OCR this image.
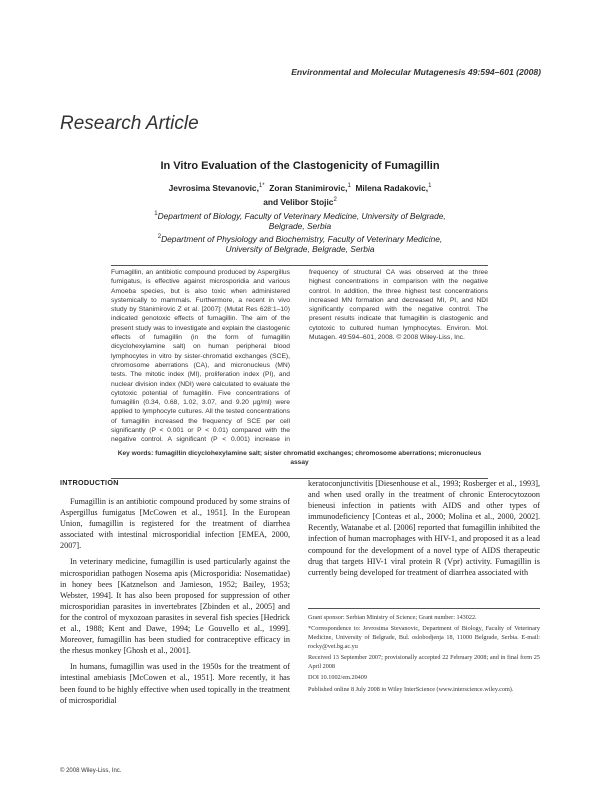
Environmental and Molecular Mutagenesis 49:594–601 (2008)
Research Article
In Vitro Evaluation of the Clastogenicity of Fumagillin
Jevrosima Stevanovic,$^{1*}$ Zoran Stanimirovic,$^1$ Milena Radakovic,$^1$
and Velibor Stojic$^2$
$^1$Department of Biology, Faculty of Veterinary Medicine, University of Belgrade,
Belgrade, Serbia
$^2$Department of Physiology and Biochemistry, Faculty of Veterinary Medicine,
University of Belgrade, Belgrade, Serbia
Fumagillin, an antibiotic compound produced by Aspergillus fumigatus, is effective against microsporidia and various Amoeba species, but is also toxic when administered systemically to mammals. Furthermore, a recent in vivo study by Stanimirovic Z et al. [2007]: (Mutat Res 628:1–10) indicated genotoxic effects of fumagillin. The aim of the present study was to investigate and explain the clastogenic effects of fumagillin (in the form of fumagillin dicyclohexylamine salt) on human peripheral blood lymphocytes in vitro by sister-chromatid exchanges (SCE), chromosome aberrations (CA), and micronucleus (MN) tests. The mitotic index (MI), proliferation index (PI), and nuclear division index (NDI) were calculated to evaluate the cytotoxic potential of fumagillin. Five concentrations of fumagillin (0.34, 0.68, 1.02, 3.07, and 9.20 μg/ml) were applied to lymphocyte cultures. All the tested concentrations of fumagillin increased the frequency of SCE per cell significantly (P < 0.001 or P < 0.01) compared with the negative control. A significant (P < 0.001) increase in frequency of structural CA was observed at the three highest concentrations in comparison with the negative control. In addition, the three highest test concentrations increased MN formation and decreased MI, PI, and NDI significantly compared with the negative control. The present results indicate that fumagillin is clastogenic and cytotoxic to cultured human lymphocytes. Environ. Mol. Mutagen. 49:594–601, 2008. © 2008 Wiley-Liss, Inc.
Key words: fumagillin dicyclohexylamine salt; sister chromatid exchanges; chromosome aberrations; micronucleus assay
INTRODUCTION

Fumagillin is an antibiotic compound produced by some strains of Aspergillus fumigatus [McCowen et al., 1951]. In the European Union, fumagillin is registered for the treatment of diarrhea associated with intestinal microsporidial infection [EMEA, 2000, 2007].

In veterinary medicine, fumagillin is used particularly against the microsporidian pathogen Nosema apis (Microsporidia: Nosematidae) in honey bees [Katznelson and Jamieson, 1952; Bailey, 1953; Webster, 1994]. It has also been proposed for suppression of other microsporidian parasites in invertebrates [Zbinden et al., 2005] and for the control of myxozoan parasites in several fish species [Hedrick et al., 1988; Kent and Dawe, 1994; Le Gouvello et al., 1999]. Moreover, fumagillin has been studied for contraceptive efficacy in the rhesus monkey [Ghosh et al., 2001].

In humans, fumagillin was used in the 1950s for the treatment of intestinal amebiasis [McCowen et al., 1951]. More recently, it has been found to be highly effective when used topically in the treatment of microsporidial

keratoconjunctivitis [Diesenhouse et al., 1993; Rosberger et al., 1993], and when used orally in the treatment of chronic Enterocytozoon bieneusi infection in patients with AIDS and other types of immunodeficiency [Conteas et al., 2000; Molina et al., 2000, 2002]. Recently, Watanabe et al. [2006] reported that fumagillin inhibited the infection of human macrophages with HIV-1, and proposed it as a lead compound for the development of a novel type of AIDS therapeutic drug that targets HIV-1 viral protein R (Vpr) activity. Fumagillin is currently being developed for treatment of diarrhea associated with

Grant sponsor: Serbian Ministry of Science; Grant number: 143022.

*Correspondence to: Jevrosima Stevanovic, Department of Biology, Faculty of Veterinary Medicine, University of Belgrade, Bul. oslobodjenja 18, 11000 Belgrade, Serbia. E-mail: rocky@vet.bg.ac.yu

Received 13 September 2007; provisionally accepted 22 February 2008; and in final form 25 April 2008

DOI 10.1002/em.20409

Published online 8 July 2008 in Wiley InterScience (www.interscience.wiley.com).

© 2008 Wiley-Liss, Inc.
